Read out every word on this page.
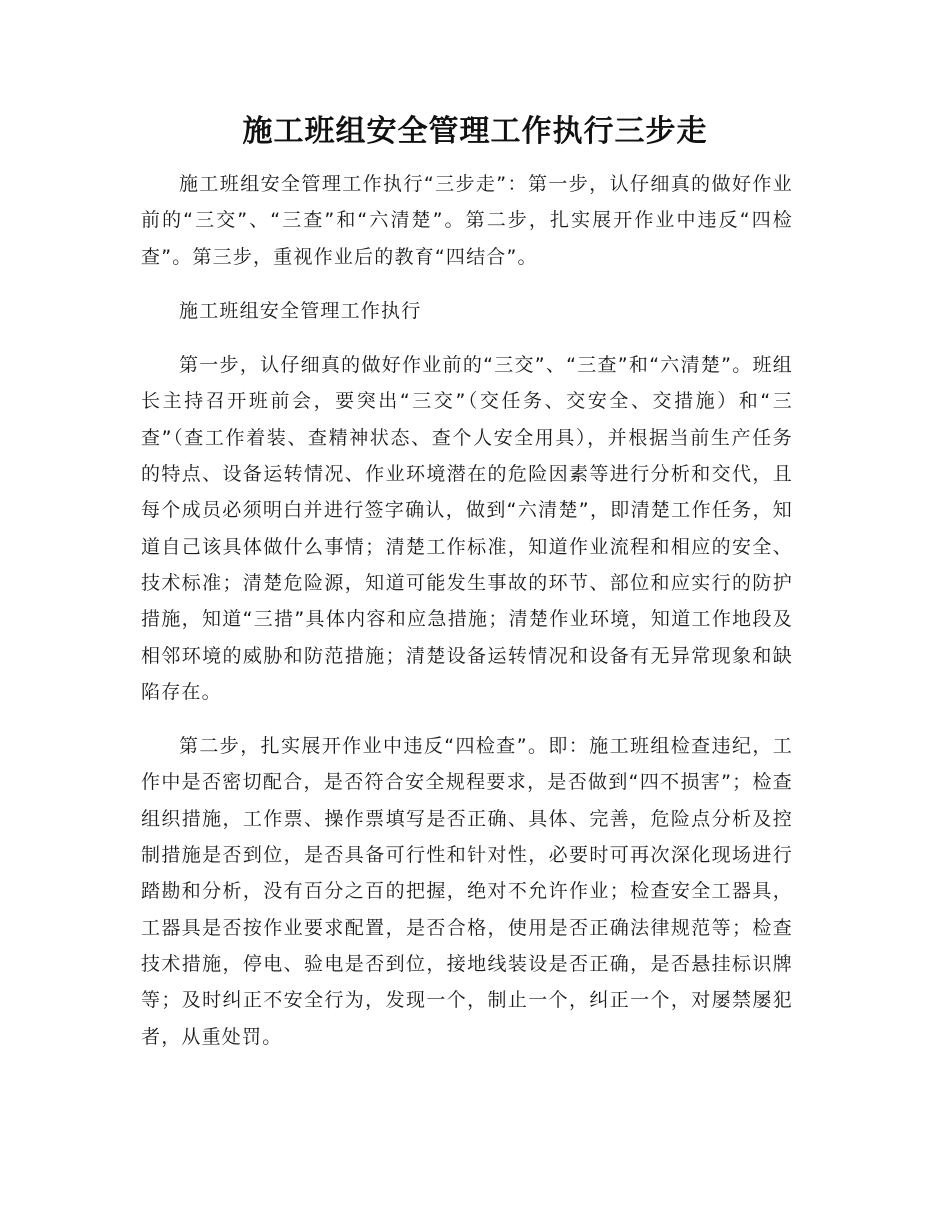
施工班组安全管理工作执行三步走

施工班组安全管理工作执行“三步走”：第一步，认仔细真的做好作业前的“三交”、“三查”和“六清楚”。第二步，扎实展开作业中违反“四检查”。第三步，重视作业后的教育“四结合”。

施工班组安全管理工作执行

第一步，认仔细真的做好作业前的“三交”、“三查”和“六清楚”。班组长主持召开班前会，要突出“三交”（交任务、交安全、交措施）和“三查”（查工作着装、查精神状态、查个人安全用具），并根据当前生产任务的特点、设备运转情况、作业环境潜在的危险因素等进行分析和交代，且每个成员必须明白并进行签字确认，做到“六清楚”，即清楚工作任务，知道自己该具体做什么事情；清楚工作标准，知道作业流程和相应的安全、技术标准；清楚危险源，知道可能发生事故的环节、部位和应实行的防护措施，知道“三措”具体内容和应急措施；清楚作业环境，知道工作地段及相邻环境的威胁和防范措施；清楚设备运转情况和设备有无异常现象和缺陷存在。

第二步，扎实展开作业中违反“四检查”。即：施工班组检查违纪，工作中是否密切配合，是否符合安全规程要求，是否做到“四不损害”；检查组织措施，工作票、操作票填写是否正确、具体、完善，危险点分析及控制措施是否到位，是否具备可行性和针对性，必要时可再次深化现场进行踏勘和分析，没有百分之百的把握，绝对不允许作业；检查安全工器具，工器具是否按作业要求配置，是否合格，使用是否正确法律规范等；检查技术措施，停电、验电是否到位，接地线装设是否正确，是否悬挂标识牌等；及时纠正不安全行为，发现一个，制止一个，纠正一个，对屡禁屡犯者，从重处罚。
